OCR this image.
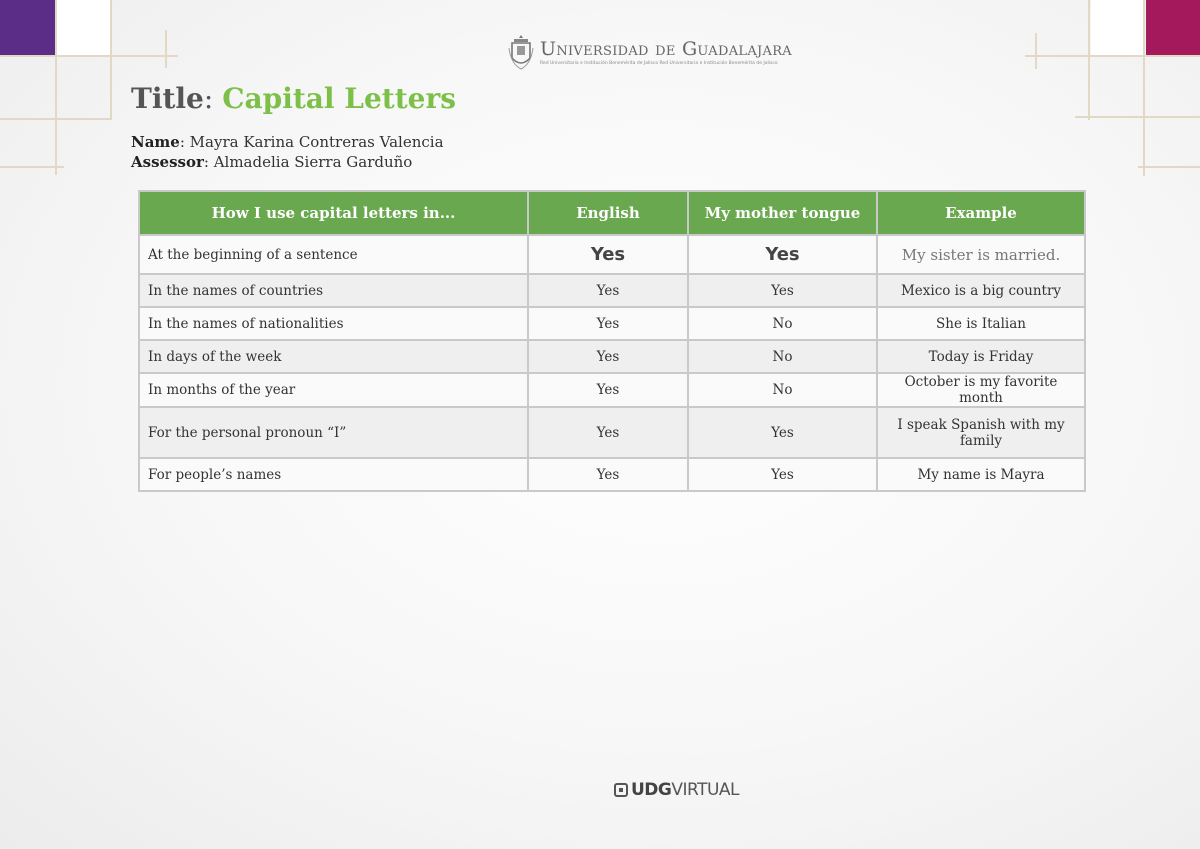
Universidad de Guadalajara
Red Universitaria e Institución Benemérita de Jalisco Red Universitaria e Institución Benemérita de Jalisco
Title: Capital Letters
Name: Mayra Karina Contreras Valencia
Assessor: Almadelia Sierra Garduño
How I use capital letters in...	English	My mother tongue	Example
At the beginning of a sentence	Yes	Yes	My sister is married.
In the names of countries	Yes	Yes	Mexico is a big country
In the names of nationalities	Yes	No	She is Italian
In days of the week	Yes	No	Today is Friday
In months of the year	Yes	No	October is my favorite month
For the personal pronoun “I”	Yes	Yes	I speak Spanish with my family
For people’s names	Yes	Yes	My name is Mayra
UDGVIRTUAL
